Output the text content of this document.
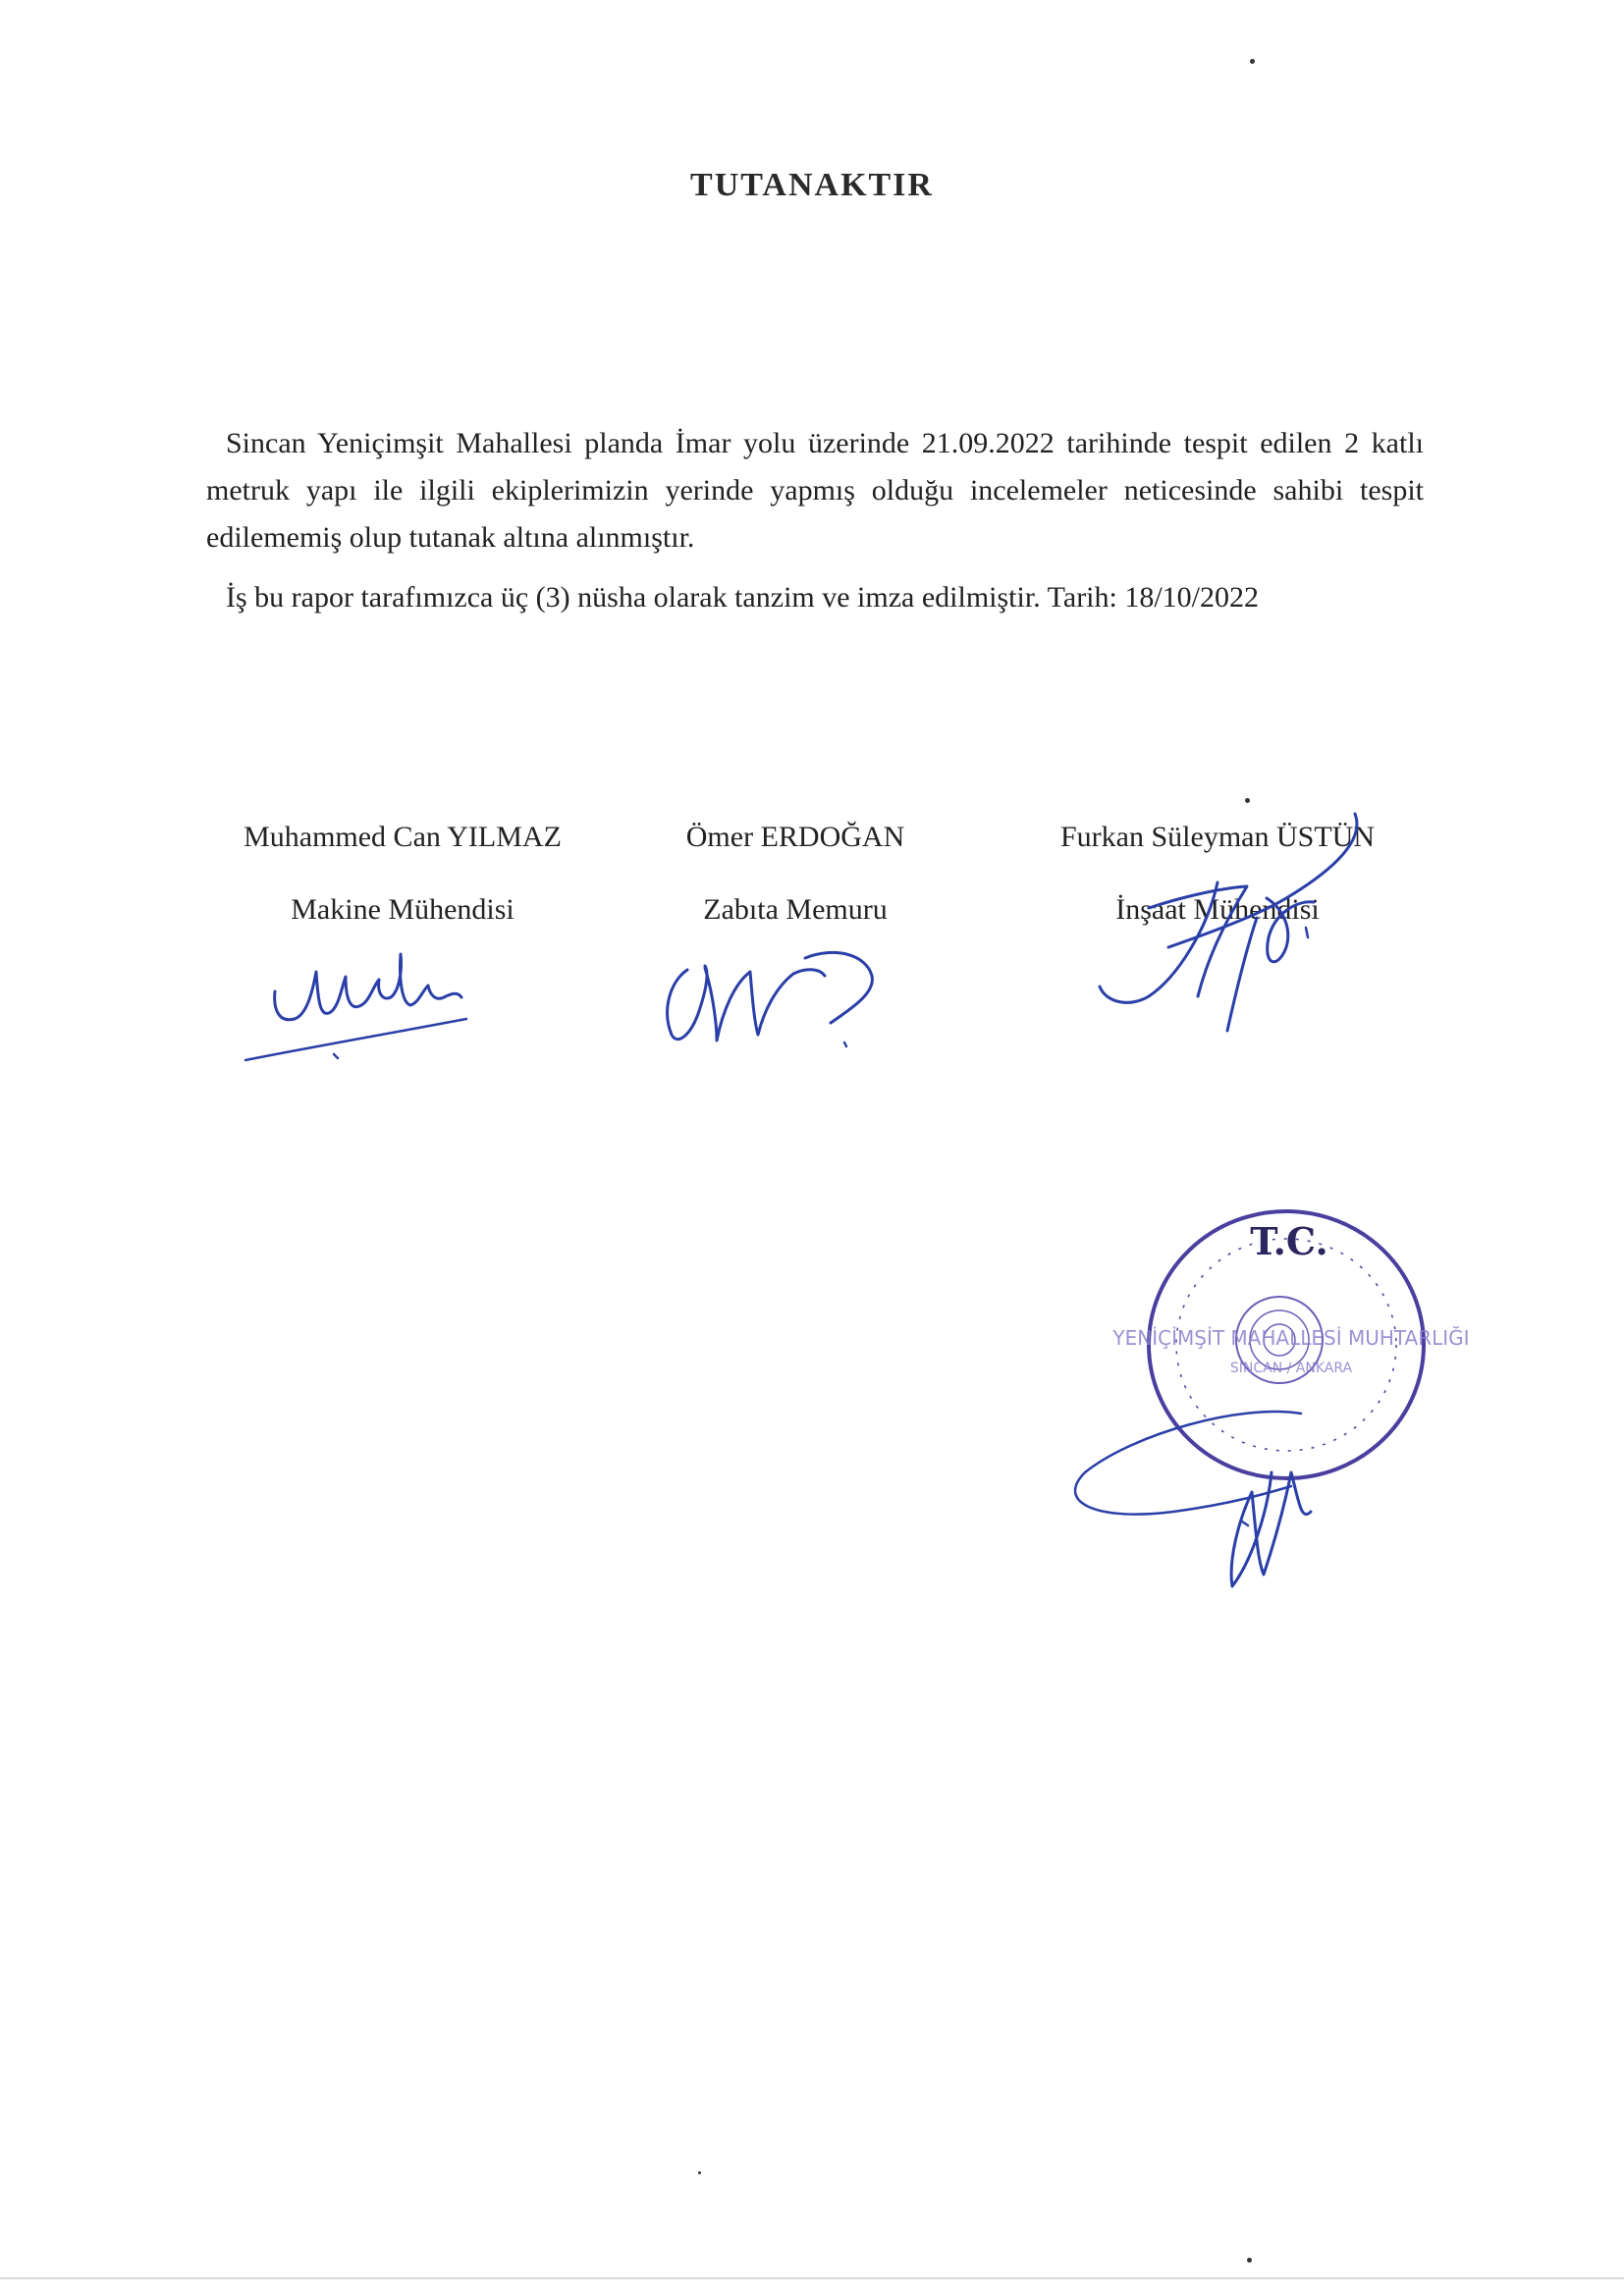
TUTANAKTIR

Sincan Yeniçimşit Mahallesi planda İmar yolu üzerinde 21.09.2022 tarihinde tespit edilen 2 katlı metruk yapı ile ilgili ekiplerimizin yerinde yapmış olduğu incelemeler neticesinde sahibi tespit edilememiş olup tutanak altına alınmıştır.

İş bu rapor tarafımızca üç (3) nüsha olarak tanzim ve imza edilmiştir. Tarih: 18/10/2022

Muhammed Can YILMAZ
Makine Mühendisi
Ömer ERDOĞAN
Zabıta Memuru
Furkan Süleyman ÜSTÜN
İnşaat Mühendisi
T.C.
YENİÇİMŞİT MAHALLESİ MUHTARLIĞI
SİNCAN / ANKARA
